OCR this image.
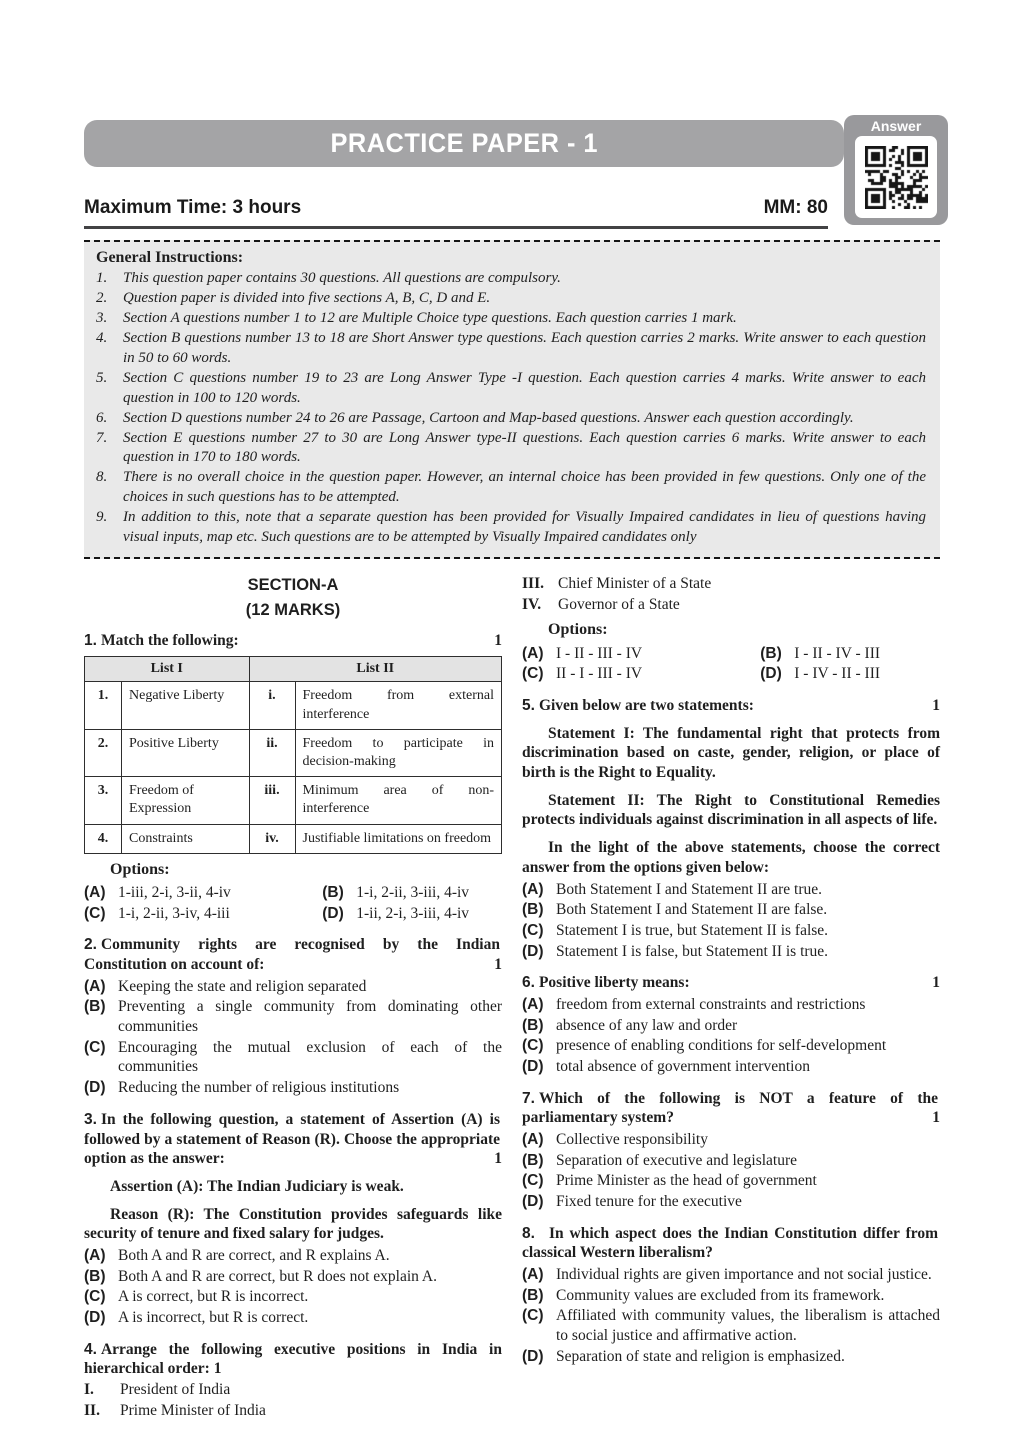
PRACTICE PAPER - 1
Answer
Maximum Time: 3 hours	MM: 80
General Instructions:
1.	This question paper contains 30 questions. All questions are compulsory.
2.	Question paper is divided into five sections A, B, C, D and E.
3.	Section A questions number 1 to 12 are Multiple Choice type questions. Each question carries 1 mark.
4.	Section B questions number 13 to 18 are Short Answer type questions. Each question carries 2 marks. Write answer to each question in 50 to 60 words.
5.	Section C questions number 19 to 23 are Long Answer Type -I question. Each question carries 4 marks. Write answer to each question in 100 to 120 words.
6.	Section D questions number 24 to 26 are Passage, Cartoon and Map-based questions. Answer each question accordingly.
7.	Section E questions number 27 to 30 are Long Answer type-II questions. Each question carries 6 marks. Write answer to each question in 170 to 180 words.
8.	There is no overall choice in the question paper. However, an internal choice has been provided in few questions. Only one of the choices in such questions has to be attempted.
9.	In addition to this, note that a separate question has been provided for Visually Impaired candidates in lieu of questions having visual inputs, map etc. Such questions are to be attempted by Visually Impaired candidates only
SECTION-A
(12 MARKS)
1. Match the following:	1
List I		List II	
1.	Negative Liberty	i.	Freedom from external interference
2.	Positive Liberty	ii.	Freedom to participate in decision-making
3.	Freedom of Expression	iii.	Minimum area of non-interference
4.	Constraints	iv.	Justifiable limitations on freedom
Options:
(A) 1-iii, 2-i, 3-ii, 4-iv	(B) 1-i, 2-ii, 3-iii, 4-iv
(C) 1-i, 2-ii, 3-iv, 4-iii	(D) 1-ii, 2-i, 3-iii, 4-iv
2. Community rights are recognised by the Indian Constitution on account of:	1
(A) Keeping the state and religion separated
(B) Preventing a single community from dominating other communities
(C) Encouraging the mutual exclusion of each of the communities
(D) Reducing the number of religious institutions
3. In the following question, a statement of Assertion (A) is followed by a statement of Reason (R). Choose the appropriate option as the answer:	1
Assertion (A): The Indian Judiciary is weak.
Reason (R): The Constitution provides safeguards like security of tenure and fixed salary for judges.
(A) Both A and R are correct, and R explains A.
(B) Both A and R are correct, but R does not explain A.
(C) A is correct, but R is incorrect.
(D) A is incorrect, but R is correct.
4. Arrange the following executive positions in India in hierarchical order: 1
I.	President of India
II.	Prime Minister of India
III. Chief Minister of a State
IV.	Governor of a State
Options:
(A) I - II - III - IV	(B) I - II - IV - III
(C) II - I - III - IV	(D) I - IV - II - III
5. Given below are two statements:	1
Statement I: The fundamental right that protects from discrimination based on caste, gender, religion, or place of birth is the Right to Equality.
Statement II: The Right to Constitutional Remedies protects individuals against discrimination in all aspects of life.
In the light of the above statements, choose the correct answer from the options given below:
(A) Both Statement I and Statement II are true.
(B) Both Statement I and Statement II are false.
(C) Statement I is true, but Statement II is false.
(D) Statement I is false, but Statement II is true.
6. Positive liberty means:	1
(A) freedom from external constraints and restrictions
(B) absence of any law and order
(C) presence of enabling conditions for self-development
(D) total absence of government intervention
7. Which of the following is NOT a feature of the parliamentary system?	1
(A) Collective responsibility
(B) Separation of executive and legislature
(C) Prime Minister as the head of government
(D) Fixed tenure for the executive
8. In which aspect does the Indian Constitution differ from classical Western liberalism?
(A) Individual rights are given importance and not social justice.
(B) Community values are excluded from its framework.
(C) Affiliated with community values, the liberalism is attached to social justice and affirmative action.
(D) Separation of state and religion is emphasized.
